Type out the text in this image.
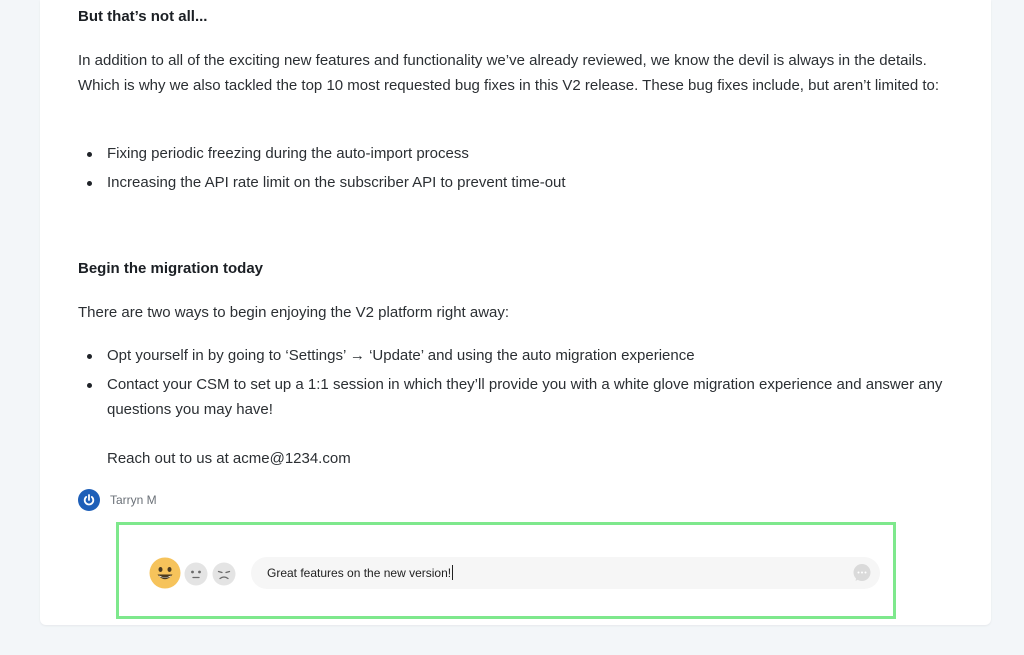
But that’s not all...

In addition to all of the exciting new features and functionality we’ve already reviewed, we know the devil is always in the details. Which is why we also tackled the top 10 most requested bug fixes in this V2 release. These bug fixes include, but aren’t limited to:

Fixing periodic freezing during the auto-import process
Increasing the API rate limit on the subscriber API to prevent time-out
Begin the migration today

There are two ways to begin enjoying the V2 platform right away:

Opt yourself in by going to ‘Settings’ → ‘Update’ and using the auto migration experience
Contact your CSM to set up a 1:1 session in which they’ll provide you with a white glove migration experience and answer any questions you may have!

Reach out to us at acme@1234.com

Tarryn M
Great features on the new version!
